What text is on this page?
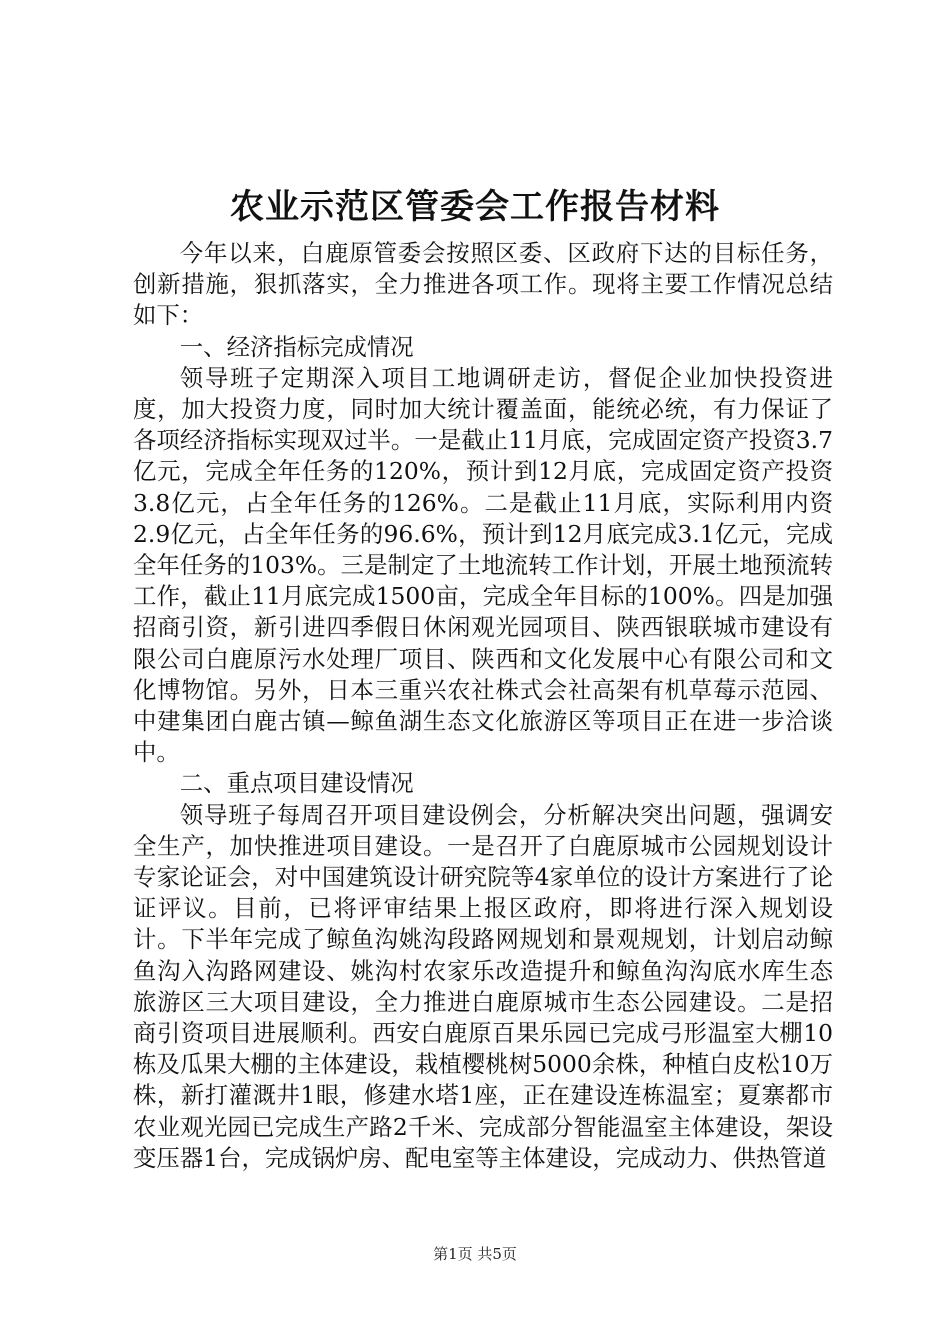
农业示范区管委会工作报告材料

今年以来，白鹿原管委会按照区委、区政府下达的目标任务，创新措施，狠抓落实，全力推进各项工作。现将主要工作情况总结如下：

一、经济指标完成情况

领导班子定期深入项目工地调研走访，督促企业加快投资进度，加大投资力度，同时加大统计覆盖面，能统必统，有力保证了各项经济指标实现双过半。一是截止11月底，完成固定资产投资3.7亿元，完成全年任务的120%，预计到12月底，完成固定资产投资3.8亿元，占全年任务的126%。二是截止11月底，实际利用内资2.9亿元，占全年任务的96.6%，预计到12月底完成3.1亿元，完成全年任务的103%。三是制定了土地流转工作计划，开展土地预流转工作，截止11月底完成1500亩，完成全年目标的100%。四是加强招商引资，新引进四季假日休闲观光园项目、陕西银联城市建设有限公司白鹿原污水处理厂项目、陕西和文化发展中心有限公司和文化博物馆。另外，日本三重兴农社株式会社高架有机草莓示范园、中建集团白鹿古镇—鲸鱼湖生态文化旅游区等项目正在进一步洽谈中。

二、重点项目建设情况

领导班子每周召开项目建设例会，分析解决突出问题，强调安全生产，加快推进项目建设。一是召开了白鹿原城市公园规划设计专家论证会，对中国建筑设计研究院等4家单位的设计方案进行了论证评议。目前，已将评审结果上报区政府，即将进行深入规划设计。下半年完成了鲸鱼沟姚沟段路网规划和景观规划，计划启动鲸鱼沟入沟路网建设、姚沟村农家乐改造提升和鲸鱼沟沟底水库生态旅游区三大项目建设，全力推进白鹿原城市生态公园建设。二是招商引资项目进展顺利。西安白鹿原百果乐园已完成弓形温室大棚10栋及瓜果大棚的主体建设，栽植樱桃树5000余株，种植白皮松10万株，新打灌溉井1眼，修建水塔1座，正在建设连栋温室；夏寨都市农业观光园已完成生产路2千米、完成部分智能温室主体建设，架设变压器1台，完成锅炉房、配电室等主体建设，完成动力、供热管道

第1页 共5页
